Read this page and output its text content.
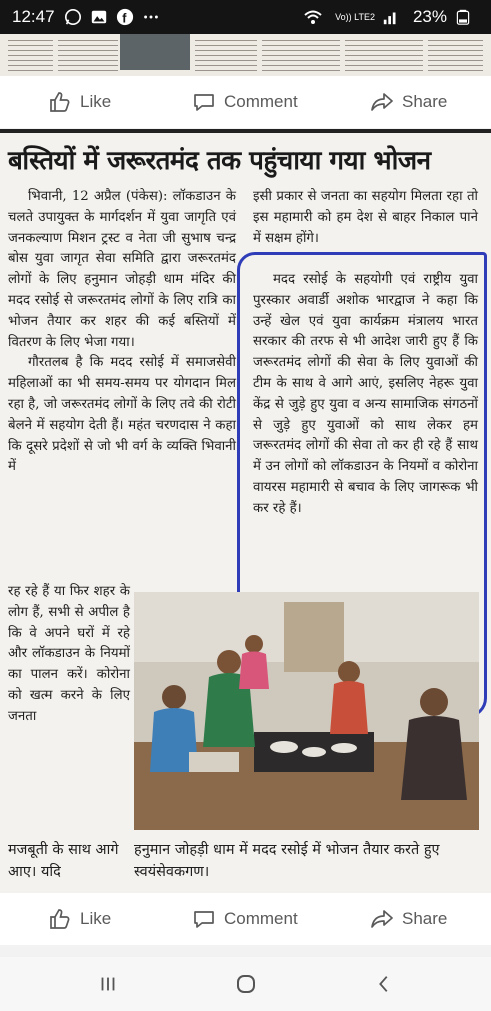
12:47	f	Vo)) LTE2 23%
Like	Comment	Share
बस्तियों में जरूरतमंद तक पहुंचाया गया भोजन

भिवानी, 12 अप्रैल (पंकेस): लॉकडाउन के चलते उपायुक्त के मार्गदर्शन में युवा जागृति एवं जनकल्याण मिशन ट्रस्ट व नेता जी सुभाष चन्द्र बोस युवा जागृत सेवा समिति द्वारा जरूरतमंद लोगों के लिए हनुमान जोहड़ी धाम मंदिर की मदद रसोई से जरूरतमंद लोगों के लिए रात्रि का भोजन तैयार कर शहर की कई बस्तियों में वितरण के लिए भेजा गया।

गौरतलब है कि मदद रसोई में समाजसेवी महिलाओं का भी समय-समय पर योगदान मिल रहा है, जो जरूरतमंद लोगों के लिए तवे की रोटी बेलने में सहयोग देती हैं। महंत चरणदास ने कहा कि दूसरे प्रदेशों से जो भी वर्ग के व्यक्ति भिवानी में

इसी प्रकार से जनता का सहयोग मिलता रहा तो इस महामारी को हम देश से बाहर निकाल पाने में सक्षम होंगे।

मदद रसोई के सहयोगी एवं राष्ट्रीय युवा पुरस्कार अवार्डी अशोक भारद्वाज ने कहा कि उन्हें खेल एवं युवा कार्यक्रम मंत्रालय भारत सरकार की तरफ से भी आदेश जारी हुए हैं कि जरूरतमंद लोगों की सेवा के लिए युवाओं की टीम के साथ वे आगे आएं, इसलिए नेहरू युवा केंद्र से जुड़े हुए युवा व अन्य सामाजिक संगठनों से जुड़े हुए युवाओं को साथ लेकर हम जरूरतमंद लोगों की सेवा तो कर ही रहे हैं साथ में उन लोगों को लॉकडाउन के नियमों व कोरोना वायरस महामारी से बचाव के लिए जागरूक भी कर रहे हैं।

रह रहे हैं या फिर शहर के लोग हैं, सभी से अपील है कि वे अपने घरों में रहे और लॉकडाउन के नियमों का पालन करें। कोरोना को खत्म करने के लिए जनता

मजबूती के साथ आगे आए। यदि
हनुमान जोहड़ी धाम में मदद रसोई में भोजन तैयार करते हुए स्वयंसेवकगण।
Like	Comment	Share
